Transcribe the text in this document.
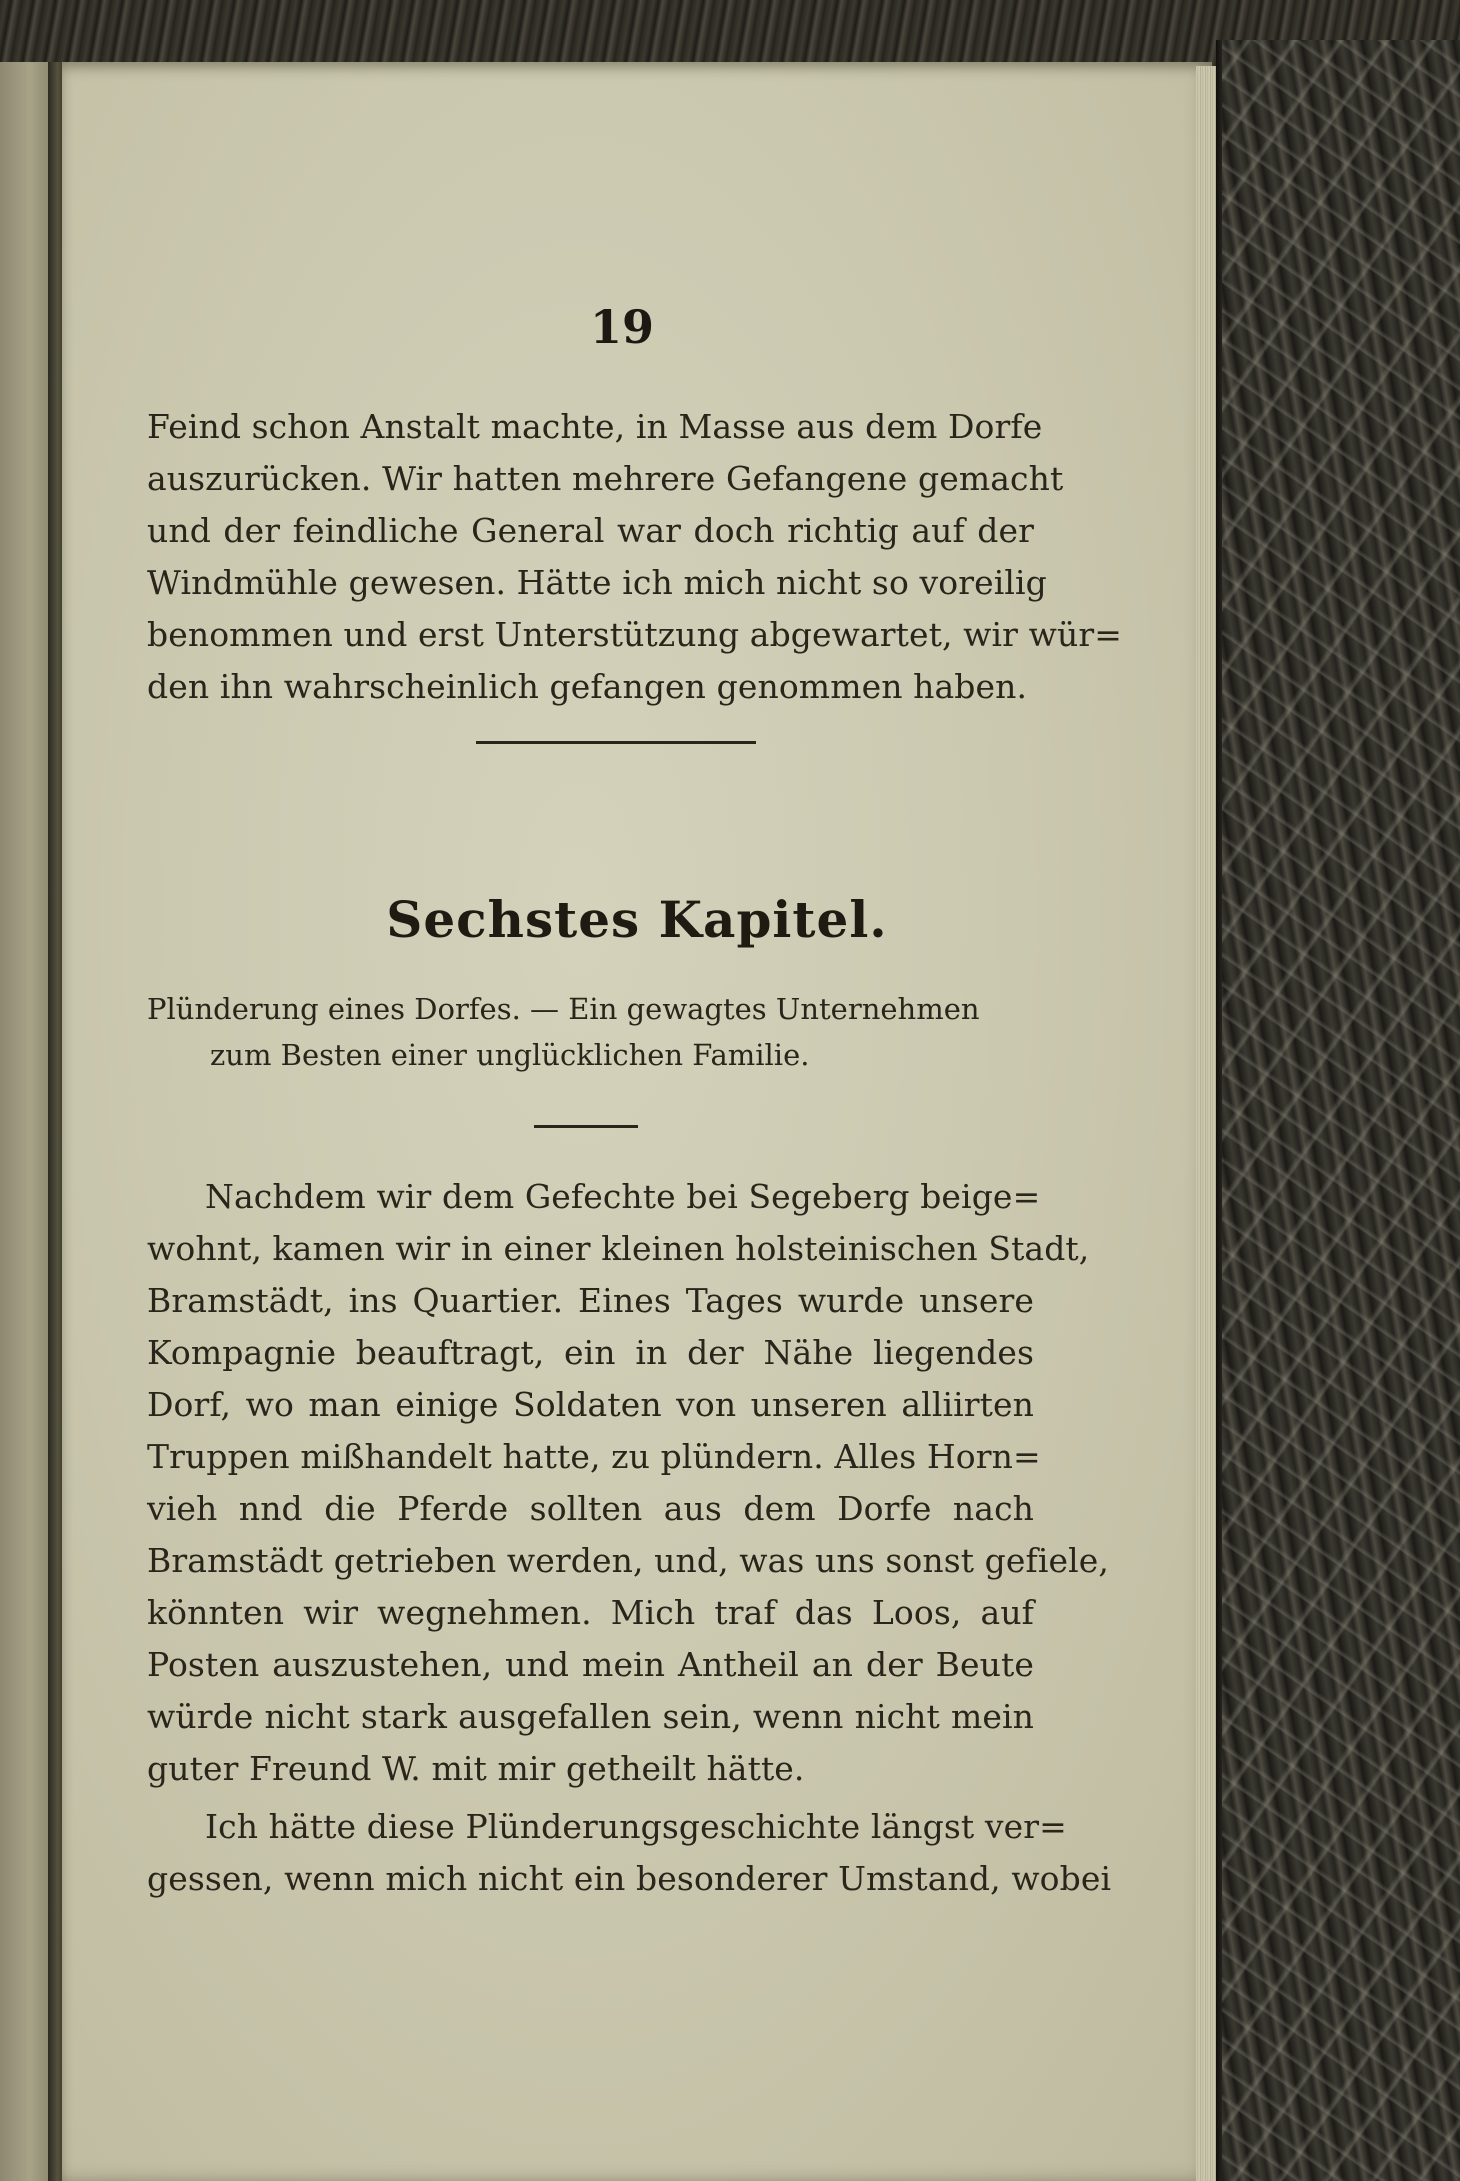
19
Feind schon Anstalt machte, in Masse aus dem Dorfe
auszurücken. Wir hatten mehrere Gefangene gemacht
und der feindliche General war doch richtig auf der
Windmühle gewesen. Hätte ich mich nicht so voreilig
benommen und erst Unterstützung abgewartet, wir wür=
den ihn wahrscheinlich gefangen genommen haben.
Sechstes Kapitel.
Plünderung eines Dorfes. — Ein gewagtes Unternehmen
zum Besten einer unglücklichen Familie.
Nachdem wir dem Gefechte bei Segeberg beige=
wohnt, kamen wir in einer kleinen holsteinischen Stadt,
Bramstädt, ins Quartier. Eines Tages wurde unsere
Kompagnie beauftragt, ein in der Nähe liegendes
Dorf, wo man einige Soldaten von unseren alliirten
Truppen mißhandelt hatte, zu plündern. Alles Horn=
vieh nnd die Pferde sollten aus dem Dorfe nach
Bramstädt getrieben werden, und, was uns sonst gefiele,
könnten wir wegnehmen. Mich traf das Loos, auf
Posten auszustehen, und mein Antheil an der Beute
würde nicht stark ausgefallen sein, wenn nicht mein
guter Freund W. mit mir getheilt hätte.
Ich hätte diese Plünderungsgeschichte längst ver=
gessen, wenn mich nicht ein besonderer Umstand, wobei
